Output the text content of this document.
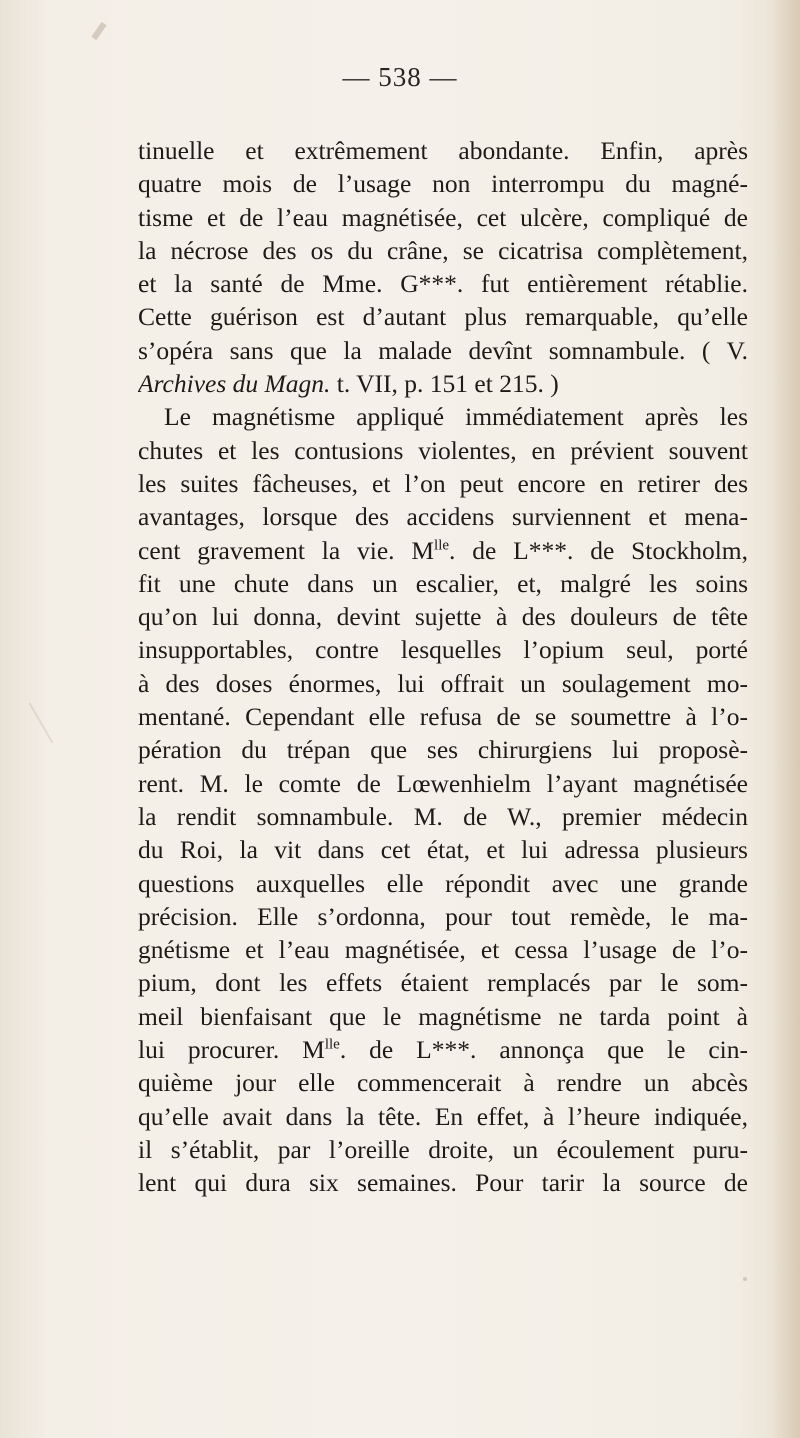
— 538 —
tinuelle et extrêmement abondante. Enfin, après
quatre mois de l’usage non interrompu du magné-
tisme et de l’eau magnétisée, cet ulcère, compliqué de
la nécrose des os du crâne, se cicatrisa complètement,
et la santé de Mme. G***. fut entièrement rétablie.
Cette guérison est d’autant plus remarquable, qu’elle
s’opéra sans que la malade devînt somnambule. ( V.
Archives du Magn. t. VII, p. 151 et 215. )
Le magnétisme appliqué immédiatement après les
chutes et les contusions violentes, en prévient souvent
les suites fâcheuses, et l’on peut encore en retirer des
avantages, lorsque des accidens surviennent et mena-
cent gravement la vie. $M^{lle}$. de L***. de Stockholm,
fit une chute dans un escalier, et, malgré les soins
qu’on lui donna, devint sujette à des douleurs de tête
insupportables, contre lesquelles l’opium seul, porté
à des doses énormes, lui offrait un soulagement mo-
mentané. Cependant elle refusa de se soumettre à l’o-
pération du trépan que ses chirurgiens lui proposè-
rent. M. le comte de Lœwenhielm l’ayant magnétisée
la rendit somnambule. M. de W., premier médecin
du Roi, la vit dans cet état, et lui adressa plusieurs
questions auxquelles elle répondit avec une grande
précision. Elle s’ordonna, pour tout remède, le ma-
gnétisme et l’eau magnétisée, et cessa l’usage de l’o-
pium, dont les effets étaient remplacés par le som-
meil bienfaisant que le magnétisme ne tarda point à
lui procurer. $M^{lle}$. de L***. annonça que le cin-
quième jour elle commencerait à rendre un abcès
qu’elle avait dans la tête. En effet, à l’heure indiquée,
il s’établit, par l’oreille droite, un écoulement puru-
lent qui dura six semaines. Pour tarir la source de
